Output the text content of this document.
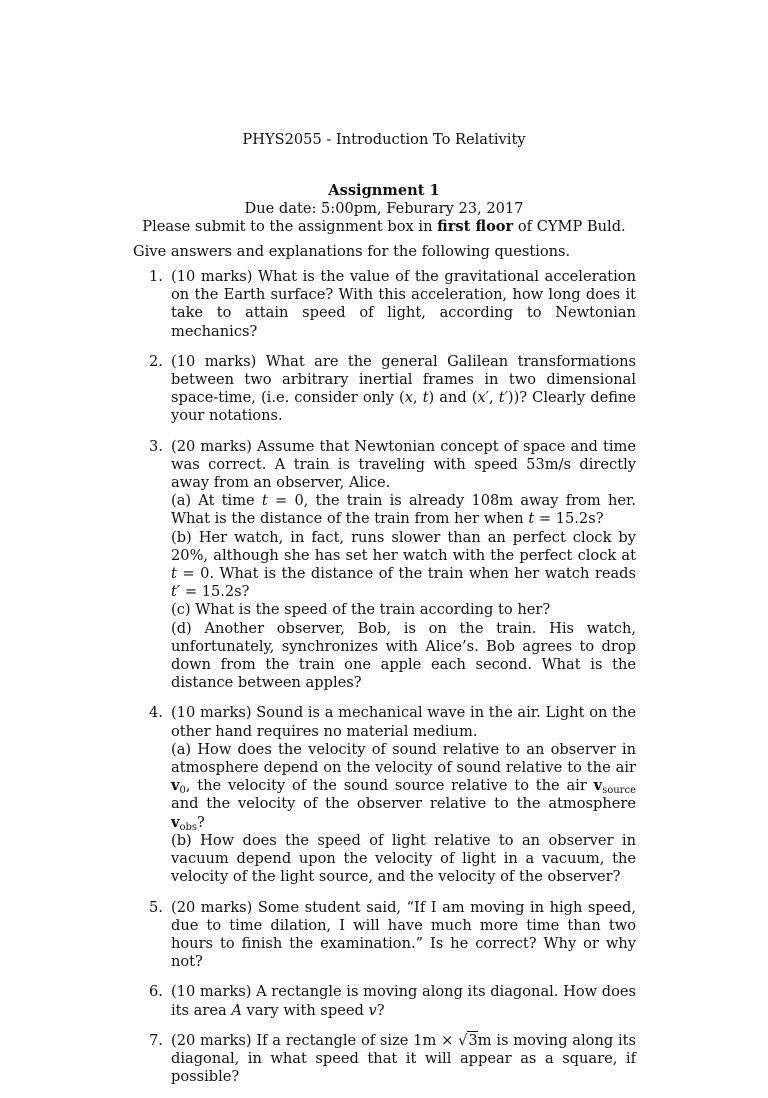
PHYS2055 - Introduction To Relativity
Assignment 1
Due date: 5:00pm, Feburary 23, 2017
Please submit to the assignment box in first floor of CYMP Buld.
Give answers and explanations for the following questions.
1. (10 marks) What is the value of the gravitational acceleration on the Earth surface? With this acceleration, how long does it take to attain speed of light, according to Newtonian mechanics?
2. (10 marks) What are the general Galilean transformations between two arbitrary inertial frames in two dimensional space-time, (i.e. consider only (x, t) and (x′, t′))? Clearly define your notations.
3. (20 marks) Assume that Newtonian concept of space and time was correct. A train is traveling with speed 53m/s directly away from an observer, Alice.
(a) At time t = 0, the train is already 108m away from her. What is the distance of the train from her when t = 15.2s?
(b) Her watch, in fact, runs slower than an perfect clock by 20%, although she has set her watch with the perfect clock at t = 0. What is the distance of the train when her watch reads t′ = 15.2s?
(c) What is the speed of the train according to her?
(d) Another observer, Bob, is on the train. His watch, unfortunately, synchronizes with Alice’s. Bob agrees to drop down from the train one apple each second. What is the distance between apples?
4. (10 marks) Sound is a mechanical wave in the air. Light on the other hand requires no material medium.
(a) How does the velocity of sound relative to an observer in atmosphere depend on the velocity of sound relative to the air $v_0$, the velocity of the sound source relative to the air $v_{source}$ and the velocity of the observer relative to the atmosphere $v_{obs}$?
(b) How does the speed of light relative to an observer in vacuum depend upon the velocity of light in a vacuum, the velocity of the light source, and the velocity of the observer?
5. (20 marks) Some student said, “If I am moving in high speed, due to time dilation, I will have much more time than two hours to finish the examination.” Is he correct? Why or why not?
6. (10 marks) A rectangle is moving along its diagonal. How does its area A vary with speed v?
7. (20 marks) If a rectangle of size 1m × √3m is moving along its diagonal, in what speed that it will appear as a square, if possible?
